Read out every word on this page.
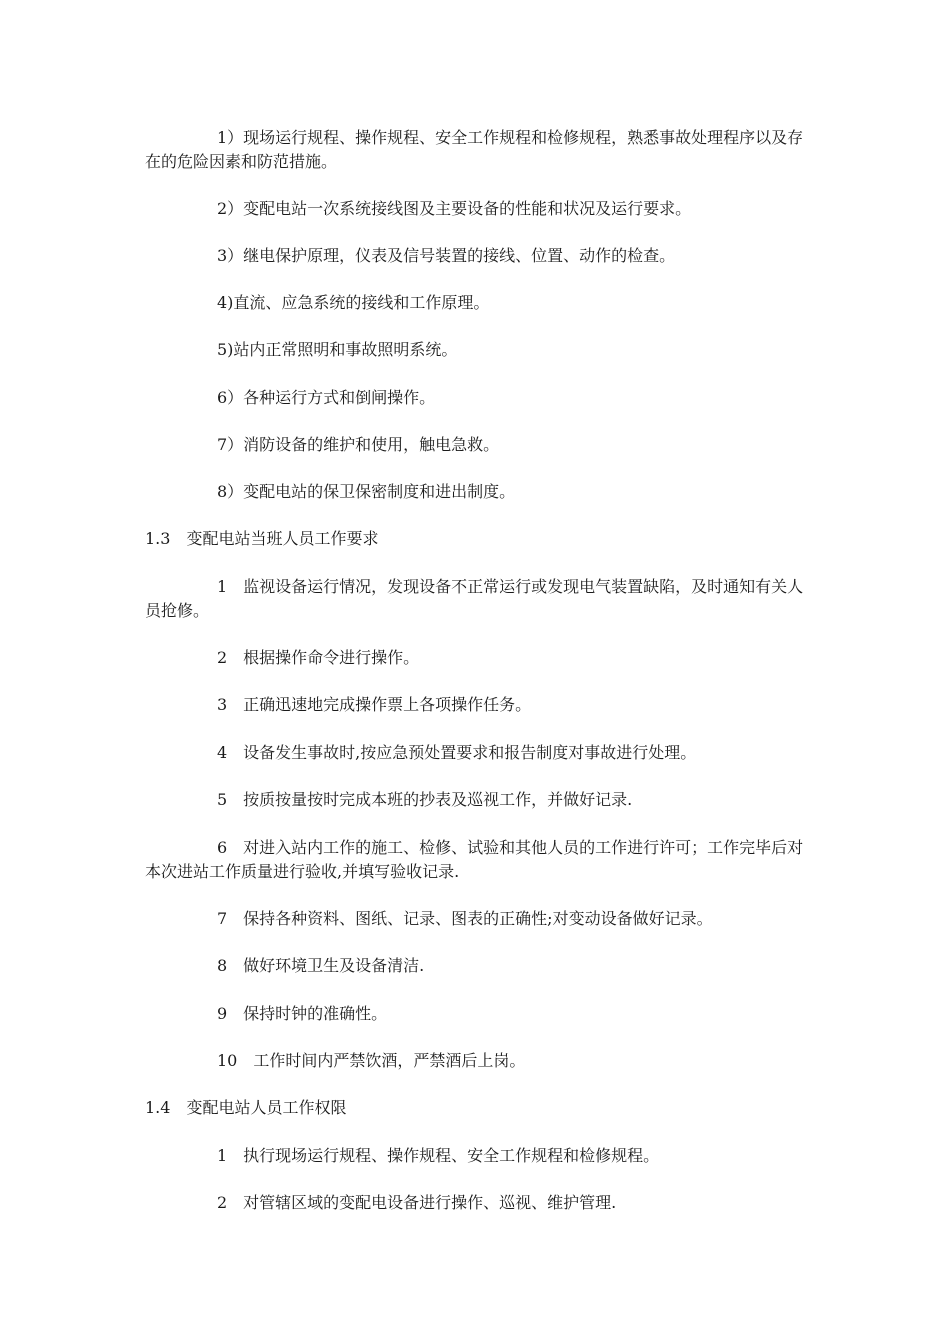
1）现场运行规程、操作规程、安全工作规程和检修规程，熟悉事故处理程序以及存在的危险因素和防范措施。

2）变配电站一次系统接线图及主要设备的性能和状况及运行要求。

3）继电保护原理，仪表及信号装置的接线、位置、动作的检查。

4)直流、应急系统的接线和工作原理。

5)站内正常照明和事故照明系统。

6）各种运行方式和倒闸操作。

7）消防设备的维护和使用，触电急救。

8）变配电站的保卫保密制度和进出制度。

1.3　变配电站当班人员工作要求

1　监视设备运行情况，发现设备不正常运行或发现电气装置缺陷，及时通知有关人员抢修。

2　根据操作命令进行操作。

3　正确迅速地完成操作票上各项操作任务。

4　设备发生事故时,按应急预处置要求和报告制度对事故进行处理。

5　按质按量按时完成本班的抄表及巡视工作，并做好记录.

6　对进入站内工作的施工、检修、试验和其他人员的工作进行许可；工作完毕后对本次进站工作质量进行验收,并填写验收记录.

7　保持各种资料、图纸、记录、图表的正确性;对变动设备做好记录。

8　做好环境卫生及设备清洁.

9　保持时钟的准确性。

10　工作时间内严禁饮酒，严禁酒后上岗。

1.4　变配电站人员工作权限

1　执行现场运行规程、操作规程、安全工作规程和检修规程。

2　对管辖区域的变配电设备进行操作、巡视、维护管理.
